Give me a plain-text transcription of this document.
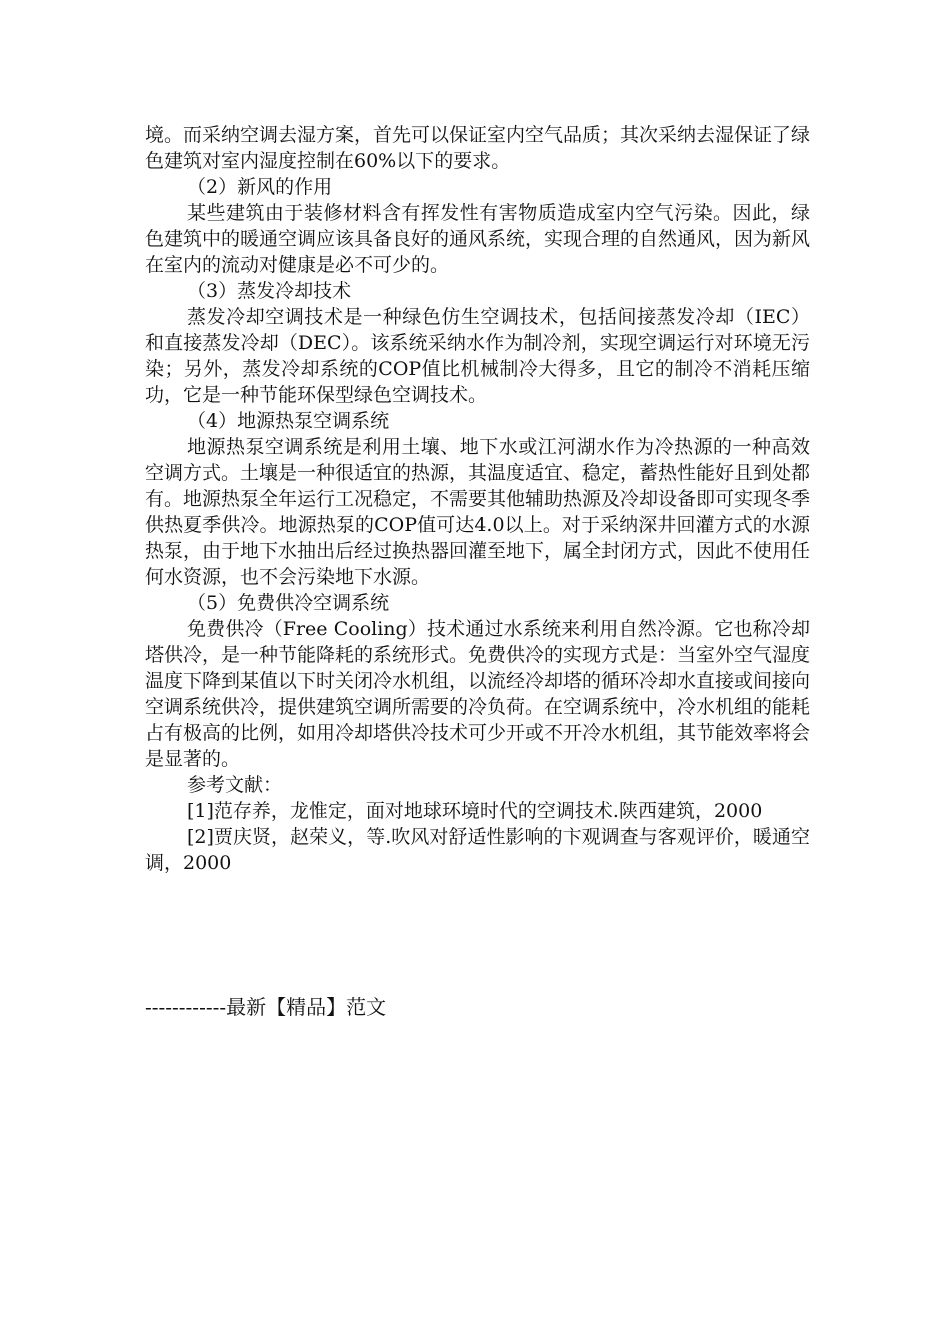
境。而采纳空调去湿方案，首先可以保证室内空气品质；其次采纳去湿保证了绿色建筑对室内湿度控制在60%以下的要求。

（2）新风的作用

某些建筑由于装修材料含有挥发性有害物质造成室内空气污染。因此，绿色建筑中的暖通空调应该具备良好的通风系统，实现合理的自然通风，因为新风在室内的流动对健康是必不可少的。

（3）蒸发冷却技术

蒸发冷却空调技术是一种绿色仿生空调技术，包括间接蒸发冷却（IEC）和直接蒸发冷却（DEC）。该系统采纳水作为制冷剂，实现空调运行对环境无污染；另外，蒸发冷却系统的COP值比机械制冷大得多，且它的制冷不消耗压缩功，它是一种节能环保型绿色空调技术。

（4）地源热泵空调系统

地源热泵空调系统是利用土壤、地下水或江河湖水作为冷热源的一种高效空调方式。土壤是一种很适宜的热源，其温度适宜、稳定，蓄热性能好且到处都有。地源热泵全年运行工况稳定，不需要其他辅助热源及冷却设备即可实现冬季供热夏季供冷。地源热泵的COP值可达4.0以上。对于采纳深井回灌方式的水源热泵，由于地下水抽出后经过换热器回灌至地下，属全封闭方式，因此不使用任何水资源，也不会污染地下水源。

（5）免费供冷空调系统

免费供冷（Free Cooling）技术通过水系统来利用自然冷源。它也称冷却塔供冷，是一种节能降耗的系统形式。免费供冷的实现方式是：当室外空气湿度温度下降到某值以下时关闭冷水机组，以流经冷却塔的循环冷却水直接或间接向空调系统供冷，提供建筑空调所需要的冷负荷。在空调系统中，冷水机组的能耗占有极高的比例，如用冷却塔供冷技术可少开或不开冷水机组，其节能效率将会是显著的。

参考文献：

[1]范存养，龙惟定，面对地球环境时代的空调技术.陕西建筑，2000

[2]贾庆贤，赵荣义，等.吹风对舒适性影响的卞观调查与客观评价，暖通空调，2000

------------最新【精品】范文
